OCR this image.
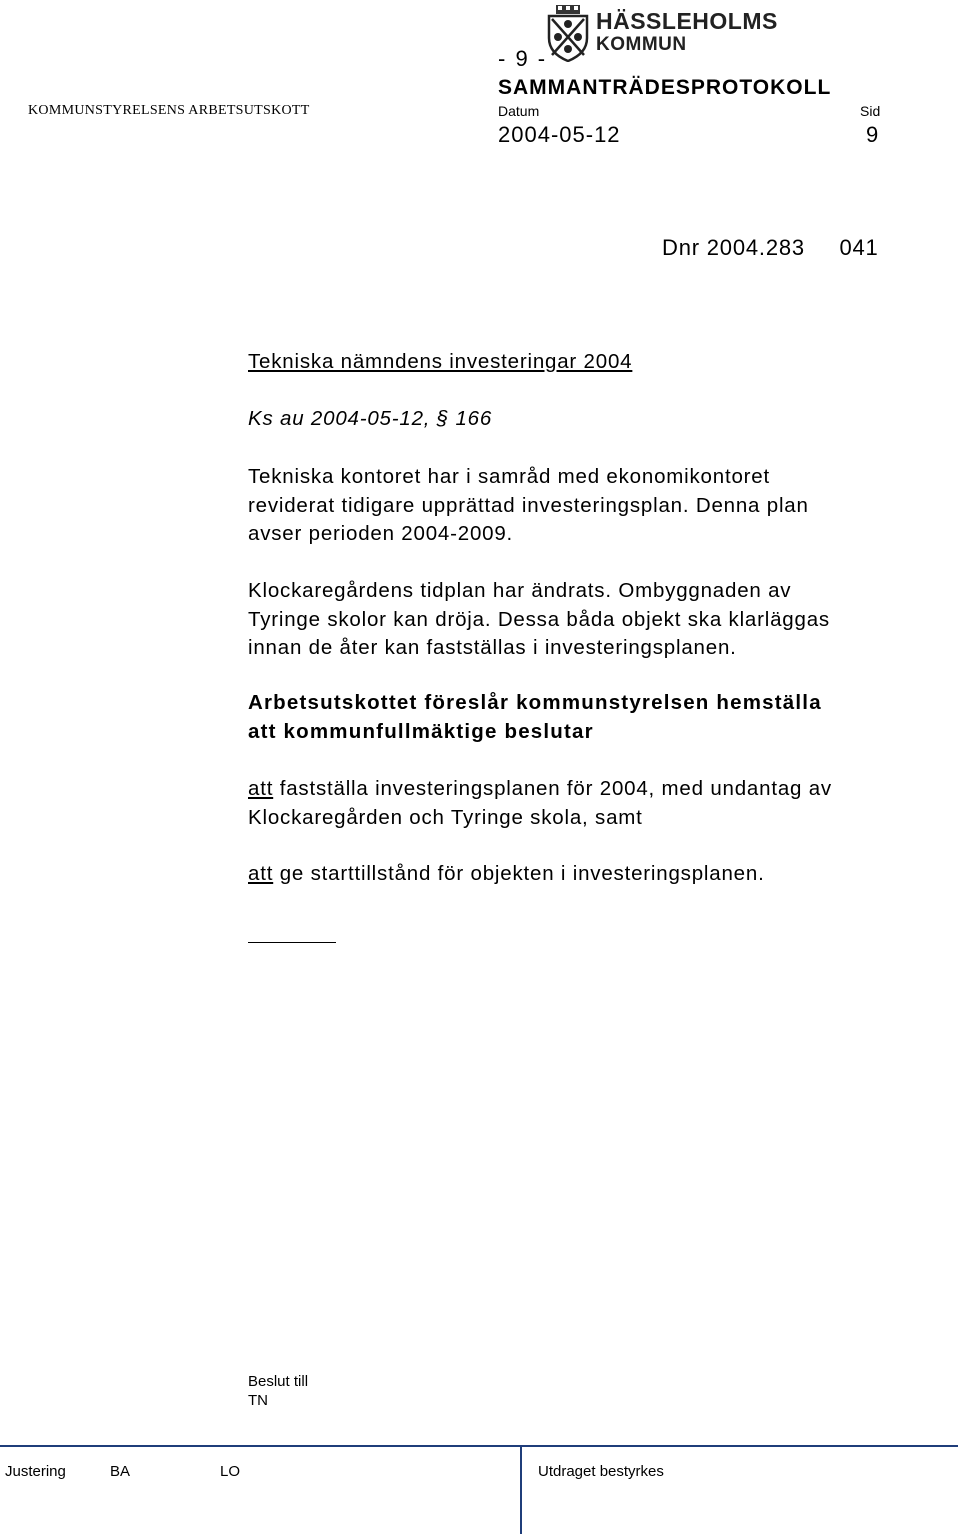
HÄSSLEHOLMS
KOMMUN
- 9 -
SAMMANTRÄDESPROTOKOLL
KOMMUNSTYRELSENS ARBETSUTSKOTT	Datum	Sid
2004-05-12	9
Dnr 2004.283     041
Tekniska nämndens investeringar 2004
Ks au 2004-05-12, § 166
Tekniska kontoret har i samråd med ekonomikontoret
reviderat tidigare upprättad investeringsplan. Denna plan
avser perioden 2004-2009.
Klockaregårdens tidplan har ändrats. Ombyggnaden av
Tyringe skolor kan dröja. Dessa båda objekt ska klarläggas
innan de åter kan fastställas i investeringsplanen.
Arbetsutskottet föreslår kommunstyrelsen hemställa
att kommunfullmäktige beslutar
att fastställa investeringsplanen för 2004, med undantag av
Klockaregården och Tyringe skola, samt
att ge starttillstånd för objekten i investeringsplanen.
Beslut till
TN
Justering	BA	LO	Utdraget bestyrkes
